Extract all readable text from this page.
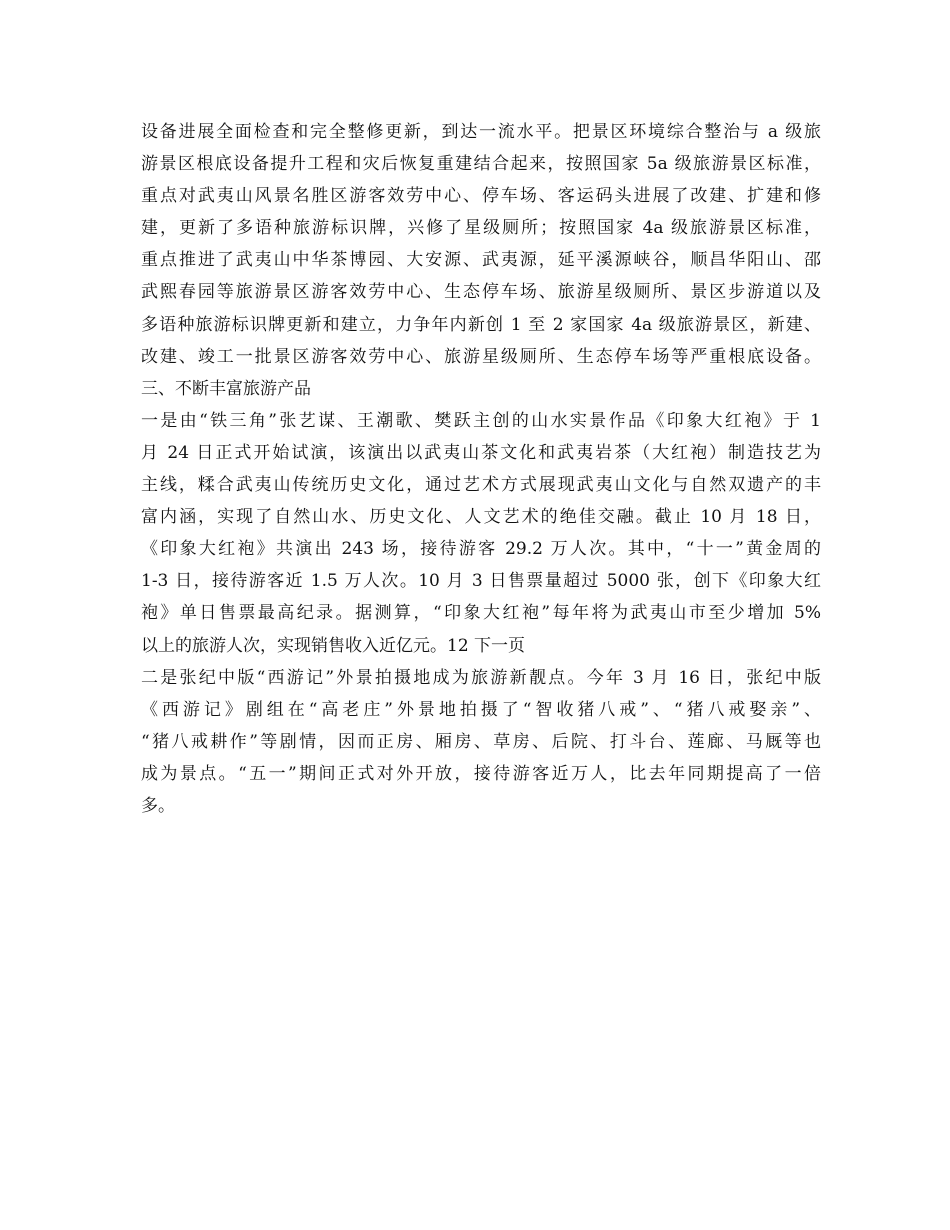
设备进展全面检查和完全整修更新，到达一流水平。把景区环境综合整治与 a 级旅
游景区根底设备提升工程和灾后恢复重建结合起来，按照国家 5a 级旅游景区标准，
重点对武夷山风景名胜区游客效劳中心、停车场、客运码头进展了改建、扩建和修
建，更新了多语种旅游标识牌，兴修了星级厕所；按照国家 4a 级旅游景区标准，
重点推进了武夷山中华茶博园、大安源、武夷源，延平溪源峡谷，顺昌华阳山、邵
武熙春园等旅游景区游客效劳中心、生态停车场、旅游星级厕所、景区步游道以及
多语种旅游标识牌更新和建立，力争年内新创 1 至 2 家国家 4a 级旅游景区，新建、
改建、竣工一批景区游客效劳中心、旅游星级厕所、生态停车场等严重根底设备。
三、不断丰富旅游产品
一是由“铁三角”张艺谋、王潮歌、樊跃主创的山水实景作品《印象大红袍》于 1
月 24 日正式开始试演，该演出以武夷山茶文化和武夷岩茶（大红袍）制造技艺为
主线，糅合武夷山传统历史文化，通过艺术方式展现武夷山文化与自然双遗产的丰
富内涵，实现了自然山水、历史文化、人文艺术的绝佳交融。截止 10 月 18 日，
《印象大红袍》共演出 243 场，接待游客 29.2 万人次。其中，“十一”黄金周的
1-3 日，接待游客近 1.5 万人次。10 月 3 日售票量超过 5000 张，创下《印象大红
袍》单日售票最高纪录。据测算，“印象大红袍”每年将为武夷山市至少增加 5%
以上的旅游人次，实现销售收入近亿元。12 下一页
二是张纪中版“西游记”外景拍摄地成为旅游新靓点。今年 3 月 16 日，张纪中版
《西游记》剧组在“高老庄”外景地拍摄了“智收猪八戒”、“猪八戒娶亲”、
“猪八戒耕作”等剧情，因而正房、厢房、草房、后院、打斗台、莲廊、马厩等也
成为景点。“五一”期间正式对外开放，接待游客近万人，比去年同期提高了一倍
多。
